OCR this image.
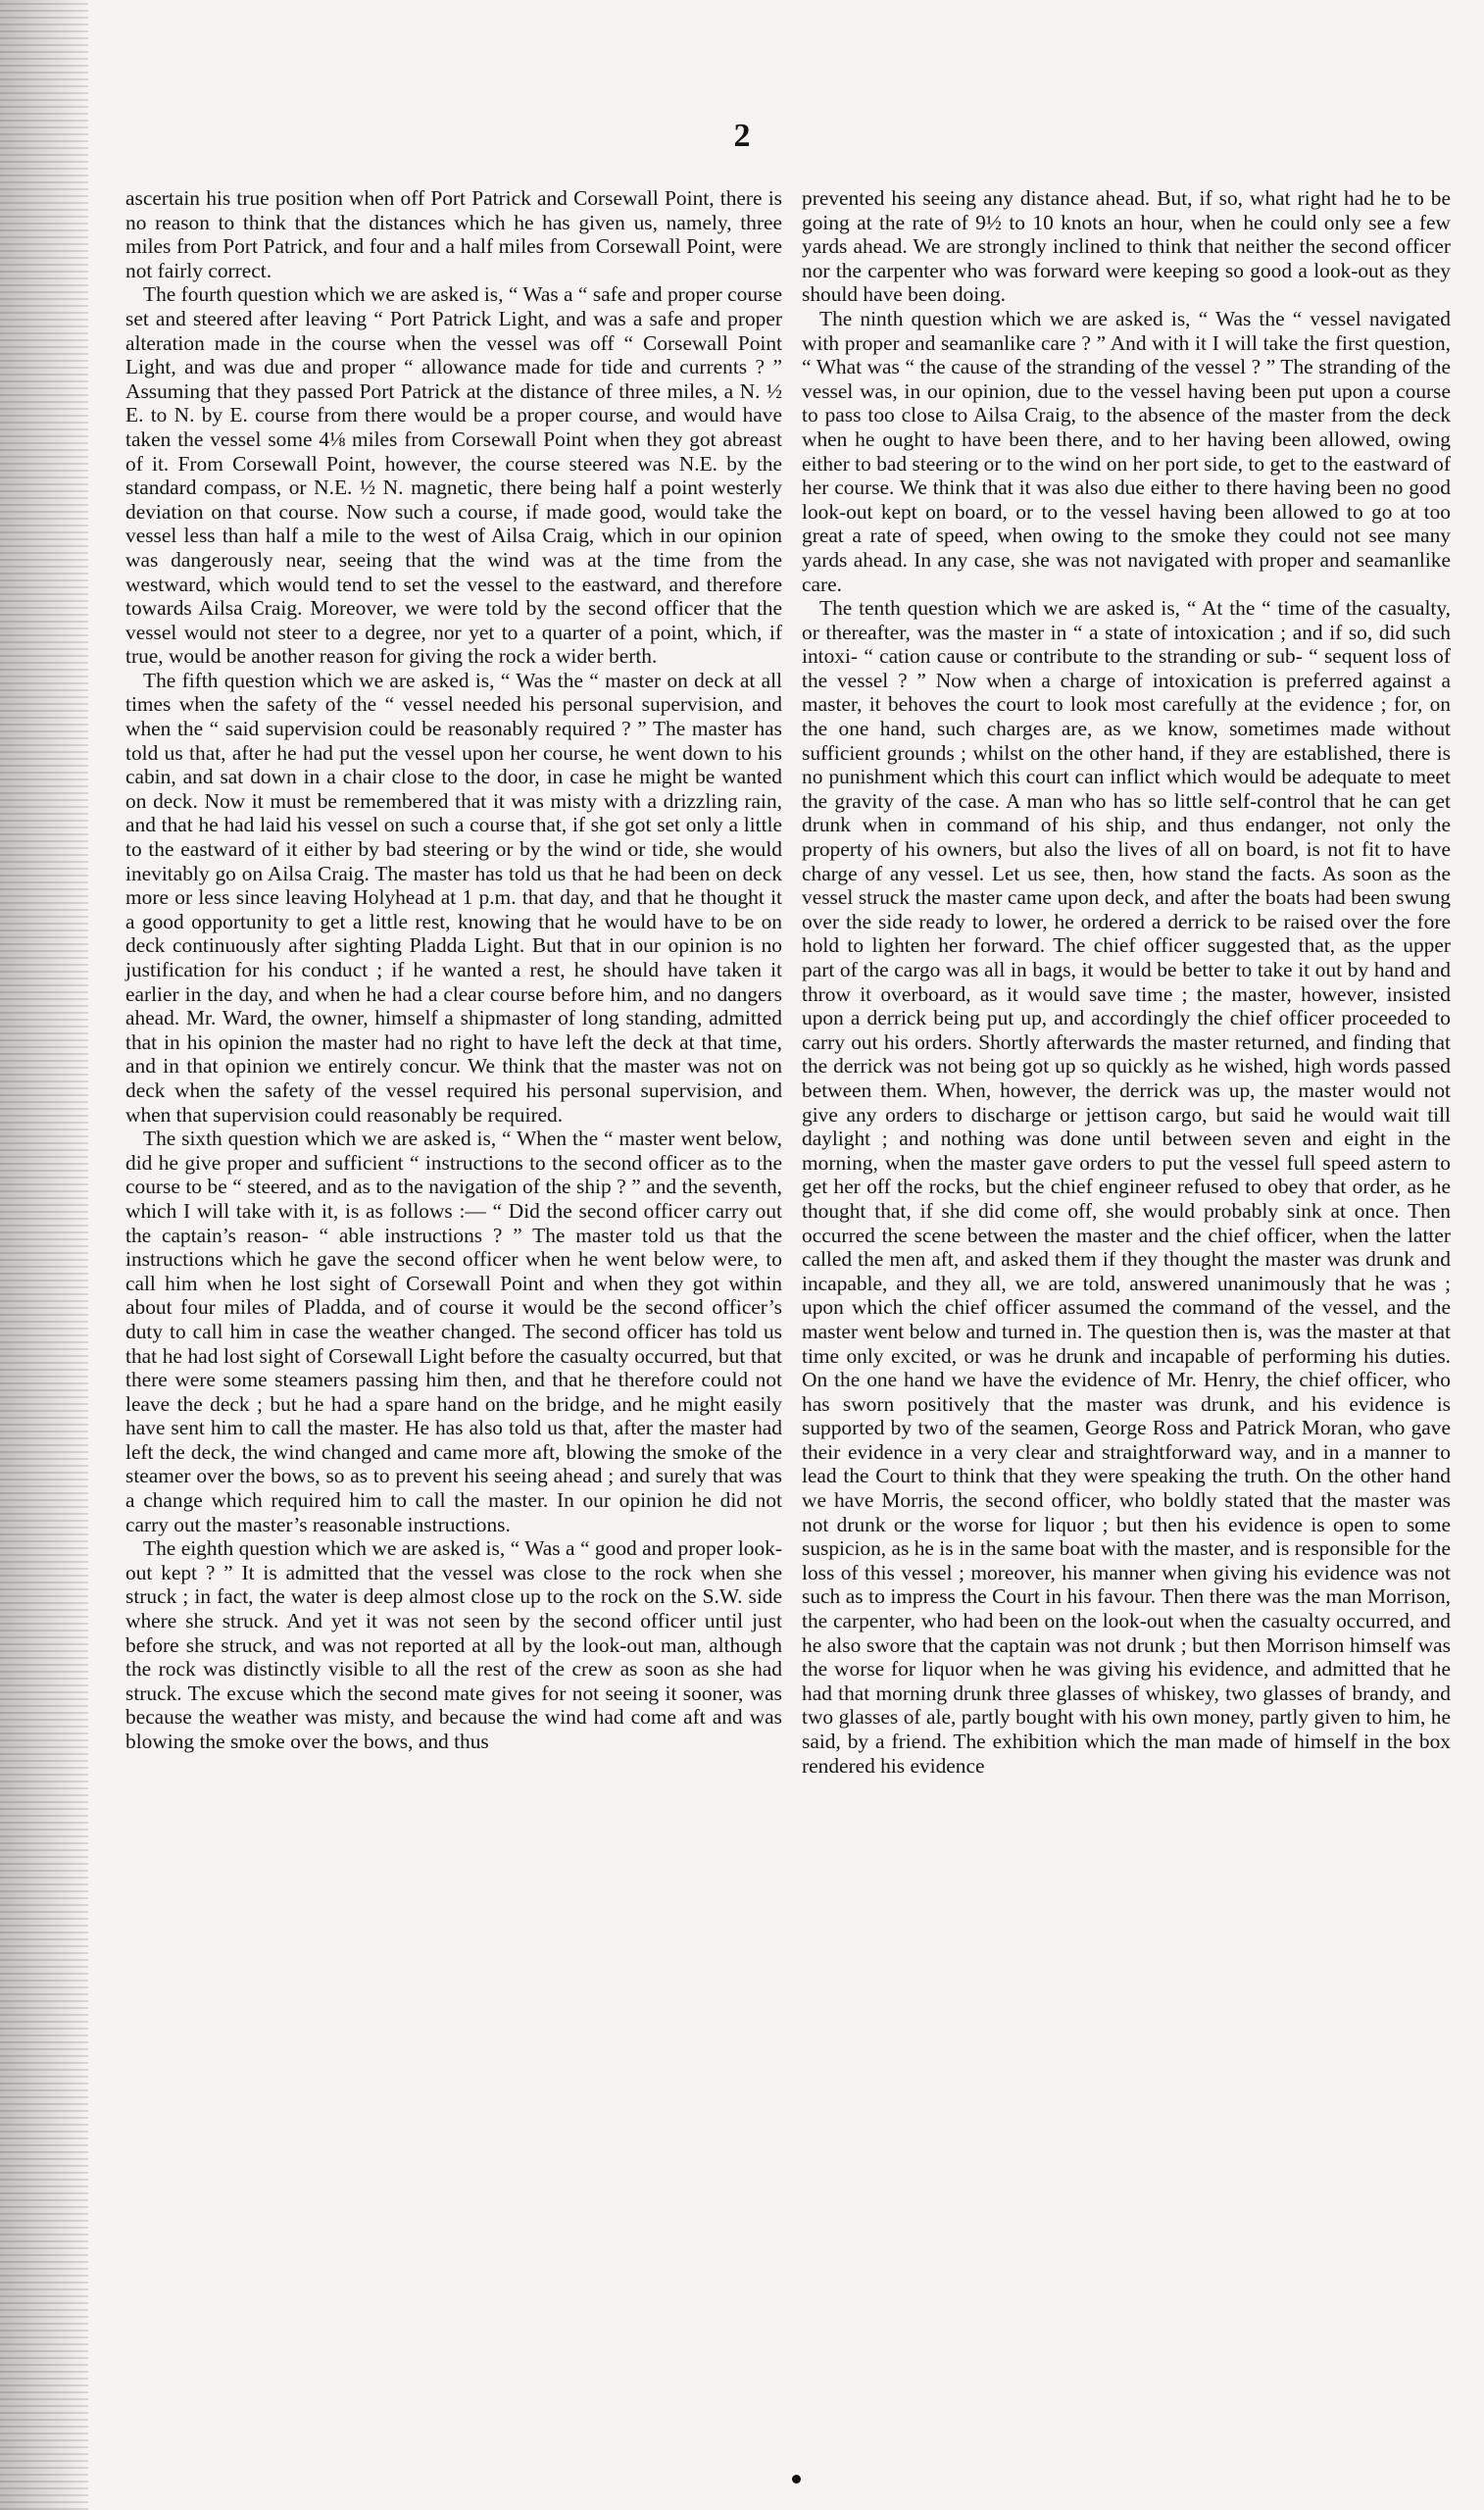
2

ascertain his true position when off Port Patrick and Corsewall Point, there is no reason to think that the distances which he has given us, namely, three miles from Port Patrick, and four and a half miles from Corsewall Point, were not fairly correct.

The fourth question which we are asked is, “ Was a “ safe and proper course set and steered after leaving “ Port Patrick Light, and was a safe and proper alteration made in the course when the vessel was off “ Corsewall Point Light, and was due and proper “ allowance made for tide and currents ? ” Assuming that they passed Port Patrick at the distance of three miles, a N. ½ E. to N. by E. course from there would be a proper course, and would have taken the vessel some 4⅛ miles from Corsewall Point when they got abreast of it. From Corsewall Point, however, the course steered was N.E. by the standard compass, or N.E. ½ N. magnetic, there being half a point westerly deviation on that course. Now such a course, if made good, would take the vessel less than half a mile to the west of Ailsa Craig, which in our opinion was dangerously near, seeing that the wind was at the time from the westward, which would tend to set the vessel to the eastward, and therefore towards Ailsa Craig. Moreover, we were told by the second officer that the vessel would not steer to a degree, nor yet to a quarter of a point, which, if true, would be another reason for giving the rock a wider berth.

The fifth question which we are asked is, “ Was the “ master on deck at all times when the safety of the “ vessel needed his personal supervision, and when the “ said supervision could be reasonably required ? ” The master has told us that, after he had put the vessel upon her course, he went down to his cabin, and sat down in a chair close to the door, in case he might be wanted on deck. Now it must be remembered that it was misty with a drizzling rain, and that he had laid his vessel on such a course that, if she got set only a little to the eastward of it either by bad steering or by the wind or tide, she would inevitably go on Ailsa Craig. The master has told us that he had been on deck more or less since leaving Holyhead at 1 p.m. that day, and that he thought it a good opportunity to get a little rest, knowing that he would have to be on deck continuously after sighting Pladda Light. But that in our opinion is no justification for his conduct ; if he wanted a rest, he should have taken it earlier in the day, and when he had a clear course before him, and no dangers ahead. Mr. Ward, the owner, himself a shipmaster of long standing, admitted that in his opinion the master had no right to have left the deck at that time, and in that opinion we entirely concur. We think that the master was not on deck when the safety of the vessel required his personal supervision, and when that supervision could reasonably be required.

The sixth question which we are asked is, “ When the “ master went below, did he give proper and sufficient “ instructions to the second officer as to the course to be “ steered, and as to the navigation of the ship ? ” and the seventh, which I will take with it, is as follows :— “ Did the second officer carry out the captain’s reason- “ able instructions ? ” The master told us that the instructions which he gave the second officer when he went below were, to call him when he lost sight of Corsewall Point and when they got within about four miles of Pladda, and of course it would be the second officer’s duty to call him in case the weather changed. The second officer has told us that he had lost sight of Corsewall Light before the casualty occurred, but that there were some steamers passing him then, and that he therefore could not leave the deck ; but he had a spare hand on the bridge, and he might easily have sent him to call the master. He has also told us that, after the master had left the deck, the wind changed and came more aft, blowing the smoke of the steamer over the bows, so as to prevent his seeing ahead ; and surely that was a change which required him to call the master. In our opinion he did not carry out the master’s reasonable instructions.

The eighth question which we are asked is, “ Was a “ good and proper look-out kept ? ” It is admitted that the vessel was close to the rock when she struck ; in fact, the water is deep almost close up to the rock on the S.W. side where she struck. And yet it was not seen by the second officer until just before she struck, and was not reported at all by the look-out man, although the rock was distinctly visible to all the rest of the crew as soon as she had struck. The excuse which the second mate gives for not seeing it sooner, was because the weather was misty, and because the wind had come aft and was blowing the smoke over the bows, and thus

prevented his seeing any distance ahead. But, if so, what right had he to be going at the rate of 9½ to 10 knots an hour, when he could only see a few yards ahead. We are strongly inclined to think that neither the second officer nor the carpenter who was forward were keeping so good a look-out as they should have been doing.

The ninth question which we are asked is, “ Was the “ vessel navigated with proper and seamanlike care ? ” And with it I will take the first question, “ What was “ the cause of the stranding of the vessel ? ” The stranding of the vessel was, in our opinion, due to the vessel having been put upon a course to pass too close to Ailsa Craig, to the absence of the master from the deck when he ought to have been there, and to her having been allowed, owing either to bad steering or to the wind on her port side, to get to the eastward of her course. We think that it was also due either to there having been no good look-out kept on board, or to the vessel having been allowed to go at too great a rate of speed, when owing to the smoke they could not see many yards ahead. In any case, she was not navigated with proper and seamanlike care.

The tenth question which we are asked is, “ At the “ time of the casualty, or thereafter, was the master in “ a state of intoxication ; and if so, did such intoxi- “ cation cause or contribute to the stranding or sub- “ sequent loss of the vessel ? ” Now when a charge of intoxication is preferred against a master, it behoves the court to look most carefully at the evidence ; for, on the one hand, such charges are, as we know, sometimes made without sufficient grounds ; whilst on the other hand, if they are established, there is no punishment which this court can inflict which would be adequate to meet the gravity of the case. A man who has so little self-control that he can get drunk when in command of his ship, and thus endanger, not only the property of his owners, but also the lives of all on board, is not fit to have charge of any vessel. Let us see, then, how stand the facts. As soon as the vessel struck the master came upon deck, and after the boats had been swung over the side ready to lower, he ordered a derrick to be raised over the fore hold to lighten her forward. The chief officer suggested that, as the upper part of the cargo was all in bags, it would be better to take it out by hand and throw it overboard, as it would save time ; the master, however, insisted upon a derrick being put up, and accordingly the chief officer proceeded to carry out his orders. Shortly afterwards the master returned, and finding that the derrick was not being got up so quickly as he wished, high words passed between them. When, however, the derrick was up, the master would not give any orders to discharge or jettison cargo, but said he would wait till daylight ; and nothing was done until between seven and eight in the morning, when the master gave orders to put the vessel full speed astern to get her off the rocks, but the chief engineer refused to obey that order, as he thought that, if she did come off, she would probably sink at once. Then occurred the scene between the master and the chief officer, when the latter called the men aft, and asked them if they thought the master was drunk and incapable, and they all, we are told, answered unanimously that he was ; upon which the chief officer assumed the command of the vessel, and the master went below and turned in. The question then is, was the master at that time only excited, or was he drunk and incapable of performing his duties. On the one hand we have the evidence of Mr. Henry, the chief officer, who has sworn positively that the master was drunk, and his evidence is supported by two of the seamen, George Ross and Patrick Moran, who gave their evidence in a very clear and straightforward way, and in a manner to lead the Court to think that they were speaking the truth. On the other hand we have Morris, the second officer, who boldly stated that the master was not drunk or the worse for liquor ; but then his evidence is open to some suspicion, as he is in the same boat with the master, and is responsible for the loss of this vessel ; moreover, his manner when giving his evidence was not such as to impress the Court in his favour. Then there was the man Morrison, the carpenter, who had been on the look-out when the casualty occurred, and he also swore that the captain was not drunk ; but then Morrison himself was the worse for liquor when he was giving his evidence, and admitted that he had that morning drunk three glasses of whiskey, two glasses of brandy, and two glasses of ale, partly bought with his own money, partly given to him, he said, by a friend. The exhibition which the man made of himself in the box rendered his evidence
